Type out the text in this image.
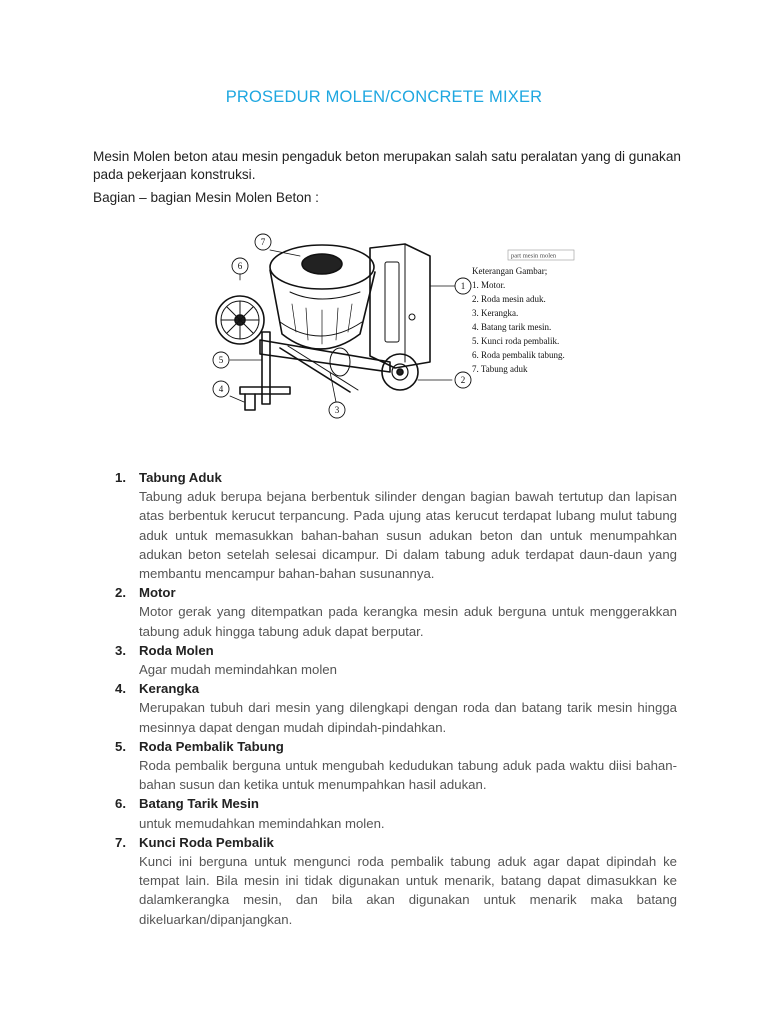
PROSEDUR MOLEN/CONCRETE MIXER
Mesin Molen beton atau mesin pengaduk beton merupakan salah satu peralatan yang di gunakan pada pekerjaan konstruksi.
Bagian – bagian Mesin Molen Beton :
1
2
3
4
5
6
7
part mesin molen
Keterangan Gambar;
1. Motor.
2. Roda mesin aduk.
3. Kerangka.
4. Batang tarik mesin.
5. Kunci roda pembalik.
6. Roda pembalik tabung.
7. Tabung aduk
1. Tabung Aduk
Tabung aduk berupa bejana berbentuk silinder dengan bagian bawah tertutup dan lapisan atas berbentuk kerucut terpancung. Pada ujung atas kerucut terdapat lubang mulut tabung aduk untuk memasukkan bahan-bahan susun adukan beton dan untuk menumpahkan adukan beton setelah selesai dicampur. Di dalam tabung aduk terdapat daun-daun yang membantu mencampur bahan-bahan susunannya.
2. Motor
Motor gerak yang ditempatkan pada kerangka mesin aduk berguna untuk menggerakkan tabung aduk hingga tabung aduk dapat berputar.
3. Roda Molen
Agar mudah memindahkan molen
4. Kerangka
Merupakan tubuh dari mesin yang dilengkapi dengan roda dan batang tarik mesin hingga mesinnya dapat dengan mudah dipindah-pindahkan.
5. Roda Pembalik Tabung
Roda pembalik berguna untuk mengubah kedudukan tabung aduk pada waktu diisi bahan-bahan susun dan ketika untuk menumpahkan hasil adukan.
6. Batang Tarik Mesin
untuk memudahkan memindahkan molen.
7. Kunci Roda Pembalik
Kunci ini berguna untuk mengunci roda pembalik tabung aduk agar dapat dipindah ke tempat lain. Bila mesin ini tidak digunakan untuk menarik, batang dapat dimasukkan ke dalamkerangka mesin, dan bila akan digunakan untuk menarik maka batang dikeluarkan/dipanjangkan.
